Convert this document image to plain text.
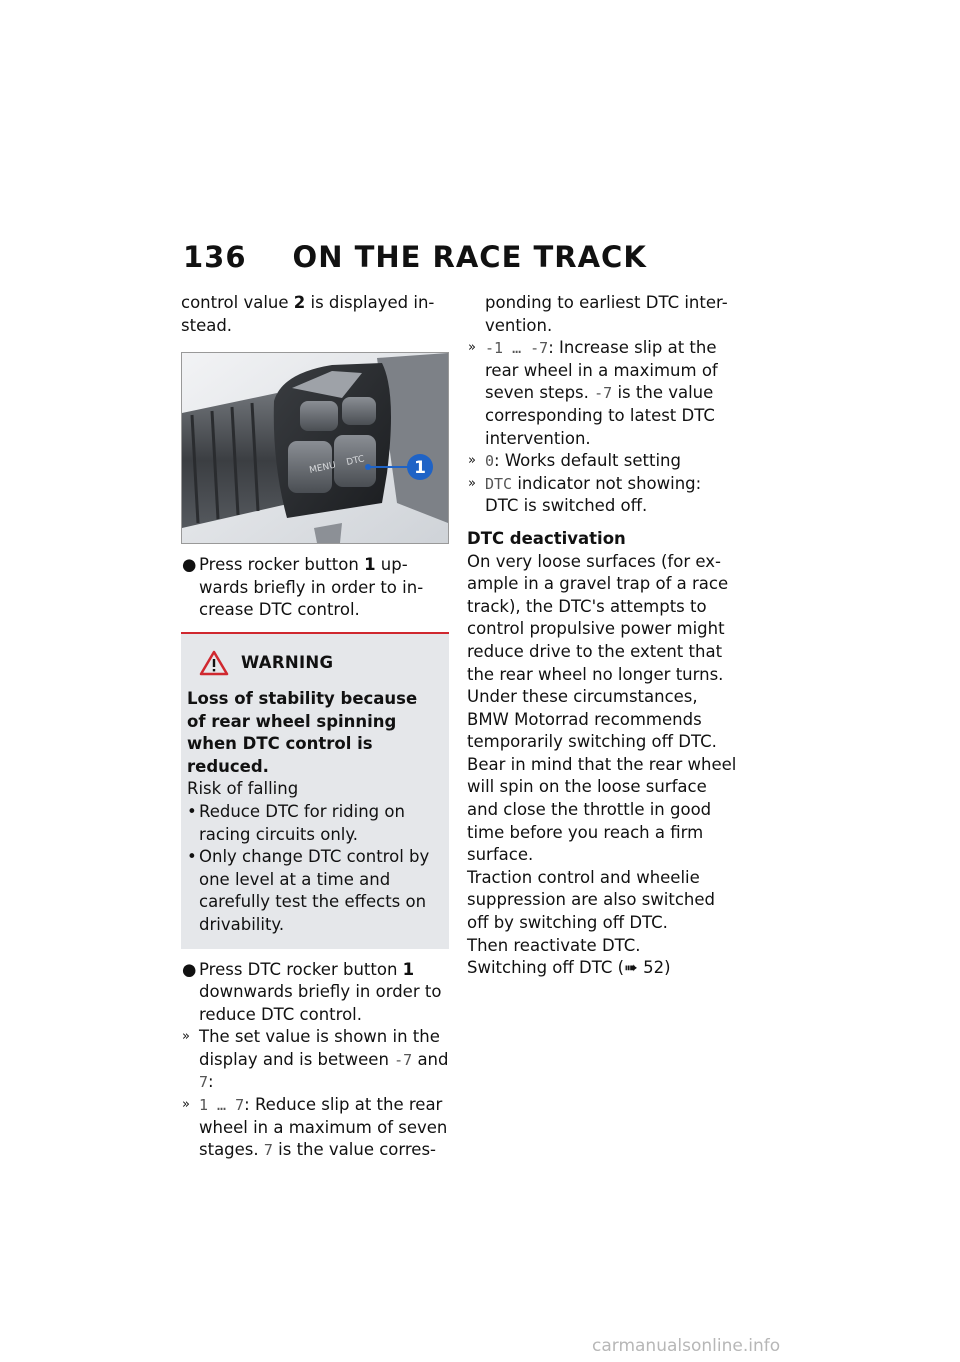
136 ON THE RACE TRACK

control value 2 is displayed in-stead.

MENU DTC	1

● Press rocker button 1 up-wards briefly in order to in-crease DTC control.

WARNING

Loss of stability because of rear wheel spinning when DTC control is reduced.

Risk of falling

• Reduce DTC for riding on racing circuits only.

• Only change DTC control by one level at a time and carefully test the effects on drivability.

● Press DTC rocker button 1 downwards briefly in order to reduce DTC control.

» The set value is shown in the display and is between -7 and 7:

» 1 … 7: Reduce slip at the rear wheel in a maximum of seven stages. 7 is the value corres-

ponding to earliest DTC inter-vention.

» -1 … -7: Increase slip at the rear wheel in a maximum of seven steps. -7 is the value corresponding to latest DTC intervention.

» 0: Works default setting

» DTC indicator not showing: DTC is switched off.

DTC deactivation

On very loose surfaces (for ex-ample in a gravel trap of a race track), the DTC's attempts to control propulsive power might reduce drive to the extent that the rear wheel no longer turns. Under these circumstances, BMW Motorrad recommends temporarily switching off DTC. Bear in mind that the rear wheel will spin on the loose surface and close the throttle in good time before you reach a firm surface.

Traction control and wheelie suppression are also switched off by switching off DTC.

Then reactivate DTC.

Switching off DTC (➠ 52)

carmanualsonline.info
